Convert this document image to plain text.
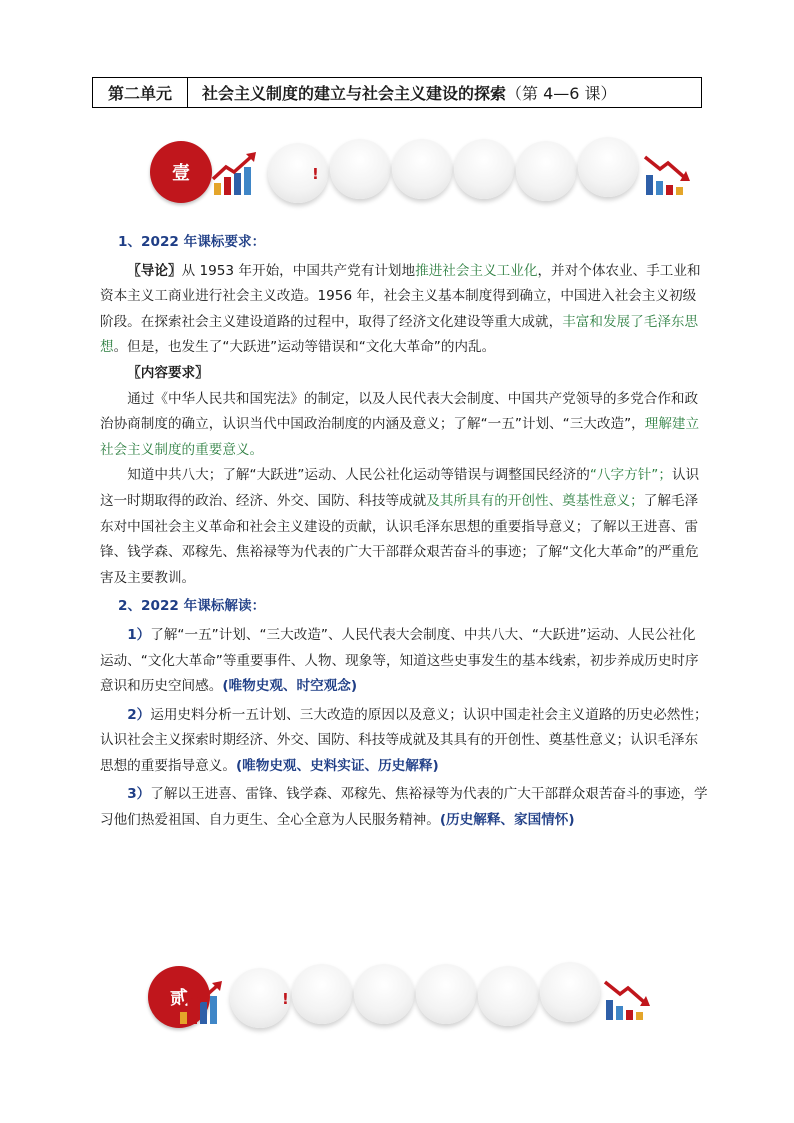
第二单元	社会主义制度的建立与社会主义建设的探索 （第 4—6 课）
壹	!

1、2022 年课标要求：

〖导论〗从 1953 年开始，中国共产党有计划地推进社会主义工业化，并对个体农业、手工业和资本主义工商业进行社会主义改造。1956 年，社会主义基本制度得到确立，中国进入社会主义初级阶段。在探索社会主义建设道路的过程中，取得了经济文化建设等重大成就，丰富和发展了毛泽东思想。但是，也发生了“大跃进”运动等错误和“文化大革命”的内乱。

〖内容要求〗

通过《中华人民共和国宪法》的制定，以及人民代表大会制度、中国共产党领导的多党合作和政治协商制度的确立，认识当代中国政治制度的内涵及意义；了解“一五”计划、“三大改造”，理解建立社会主义制度的重要意义。

知道中共八大；了解“大跃进”运动、人民公社化运动等错误与调整国民经济的“八字方针”；认识这一时期取得的政治、经济、外交、国防、科技等成就及其所具有的开创性、奠基性意义；了解毛泽东对中国社会主义革命和社会主义建设的贡献，认识毛泽东思想的重要指导意义；了解以王进喜、雷锋、钱学森、邓稼先、焦裕禄等为代表的广大干部群众艰苦奋斗的事迹；了解“文化大革命”的严重危害及主要教训。

2、2022 年课标解读：

1）了解“一五”计划、“三大改造”、人民代表大会制度、中共八大、“大跃进”运动、人民公社化运动、“文化大革命”等重要事件、人物、现象等，知道这些史事发生的基本线索，初步养成历史时序意识和历史空间感。(唯物史观、时空观念)

2）运用史料分析一五计划、三大改造的原因以及意义；认识中国走社会主义道路的历史必然性；认识社会主义探索时期经济、外交、国防、科技等成就及其具有的开创性、奠基性意义；认识毛泽东思想的重要指导意义。(唯物史观、史料实证、历史解释)

3）了解以王进喜、雷锋、钱学森、邓稼先、焦裕禄等为代表的广大干部群众艰苦奋斗的事迹，学习他们热爱祖国、自力更生、全心全意为人民服务精神。(历史解释、家国情怀)

贰	!
